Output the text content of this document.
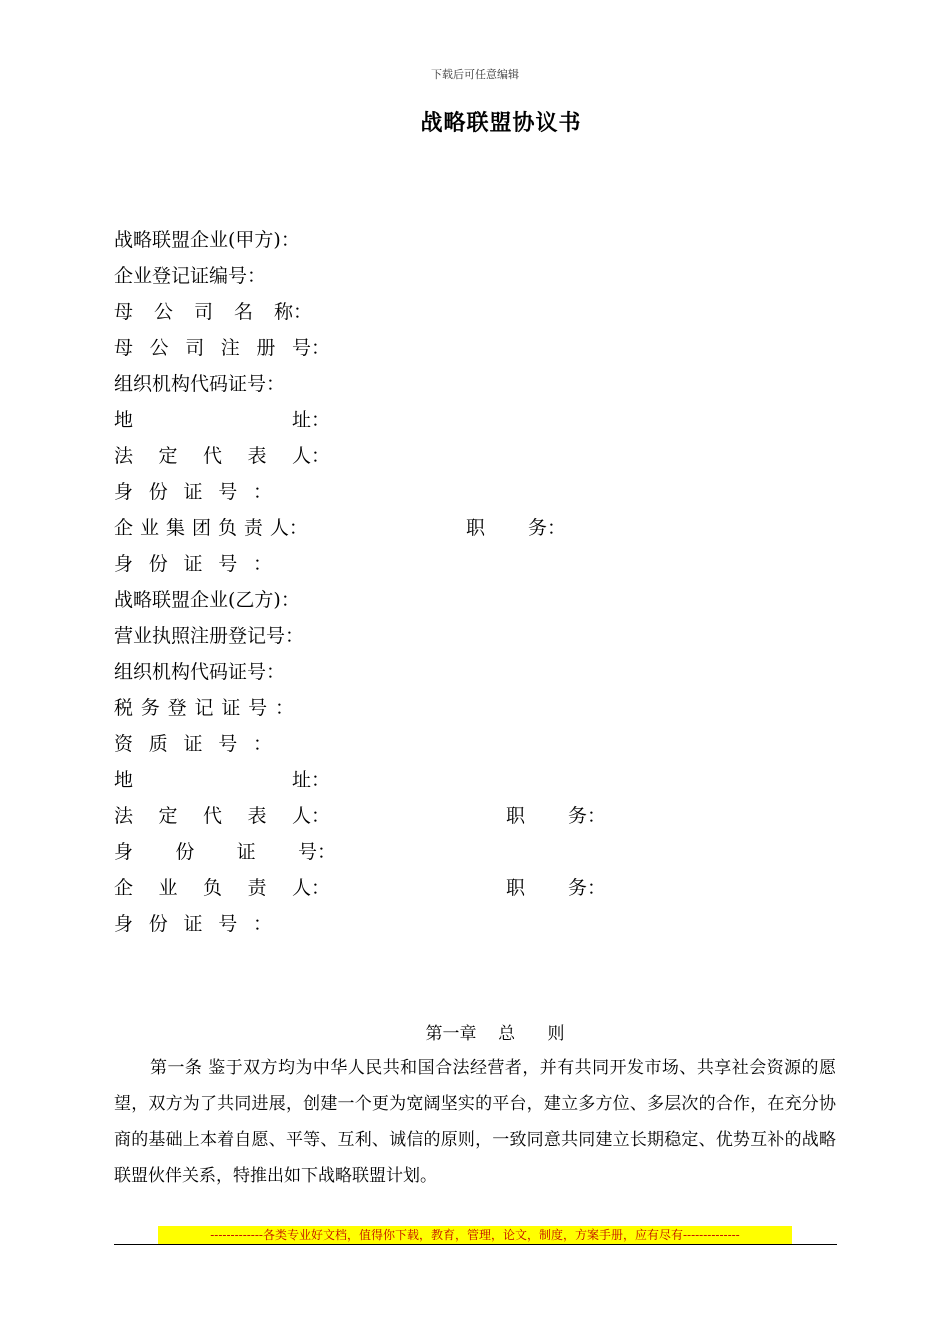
下载后可任意编辑
战略联盟协议书
战略联盟企业(甲方)：
企业登记证编号：
母 公 司 名 称：
母 公 司 注 册 号：
组织机构代码证号：
地	址：
法 定 代 表 人：
身 份 证 号 ：
企 业 集 团 负 责 人：	职 务：
身 份 证 号 ：
战略联盟企业(乙方)：
营业执照注册登记号：
组织机构代码证号：
税 务 登 记 证 号 ：
资 质 证 号 ：
地	址：
法 定 代 表 人：	职 务：
身 份 证 号：
企 业 负 责 人：	职 务：
身 份 证 号 ：
第一章    总      则
第一条 鉴于双方均为中华人民共和国合法经营者，并有共同开发市场、共享社会资源的愿望，双方为了共同进展，创建一个更为宽阔坚实的平台，建立多方位、多层次的合作，在充分协商的基础上本着自愿、平等、互利、诚信的原则，一致同意共同建立长期稳定、优势互补的战略联盟伙伴关系，特推出如下战略联盟计划。
-------------各类专业好文档，值得你下载，教育，管理，论文，制度，方案手册，应有尽有--------------
